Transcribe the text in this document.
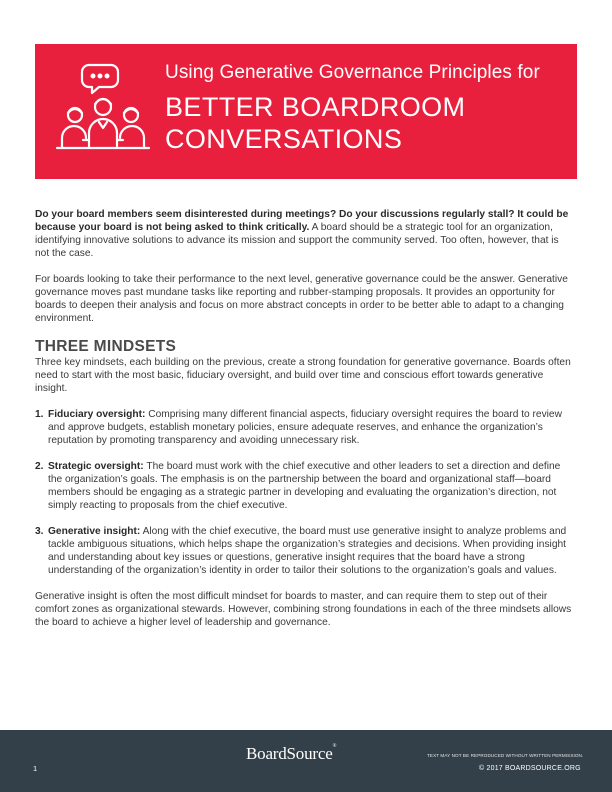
Using Generative Governance Principles for
BETTER BOARDROOM CONVERSATIONS

Do your board members seem disinterested during meetings? Do your discussions regularly stall? It could be because your board is not being asked to think critically. A board should be a strategic tool for an organization, identifying innovative solutions to advance its mission and support the community served. Too often, however, that is not the case.

For boards looking to take their performance to the next level, generative governance could be the answer. Generative governance moves past mundane tasks like reporting and rubber-stamping proposals. It provides an opportunity for boards to deepen their analysis and focus on more abstract concepts in order to be better able to adapt to a changing environment.

THREE MINDSETS

Three key mindsets, each building on the previous, create a strong foundation for generative governance. Boards often need to start with the most basic, fiduciary oversight, and build over time and conscious effort towards generative insight.

1. Fiduciary oversight: Comprising many different financial aspects, fiduciary oversight requires the board to review and approve budgets, establish monetary policies, ensure adequate reserves, and enhance the organization’s reputation by promoting transparency and avoiding unnecessary risk.
2. Strategic oversight: The board must work with the chief executive and other leaders to set a direction and define the organization’s goals. The emphasis is on the partnership between the board and organizational staff—board members should be engaging as a strategic partner in developing and evaluating the organization’s direction, not simply reacting to proposals from the chief executive.
3. Generative insight: Along with the chief executive, the board must use generative insight to analyze problems and tackle ambiguous situations, which helps shape the organization’s strategies and decisions. When providing insight and understanding about key issues or questions, generative insight requires that the board have a strong understanding of the organization’s identity in order to tailor their solutions to the organization’s goals and values.

Generative insight is often the most difficult mindset for boards to master, and can require them to step out of their comfort zones as organizational stewards. However, combining strong foundations in each of the three mindsets allows the board to achieve a higher level of leadership and governance.

1
BoardSource®
TEXT MAY NOT BE REPRODUCED WITHOUT WRITTEN PERMISSION.
© 2017 BOARDSOURCE.ORG
